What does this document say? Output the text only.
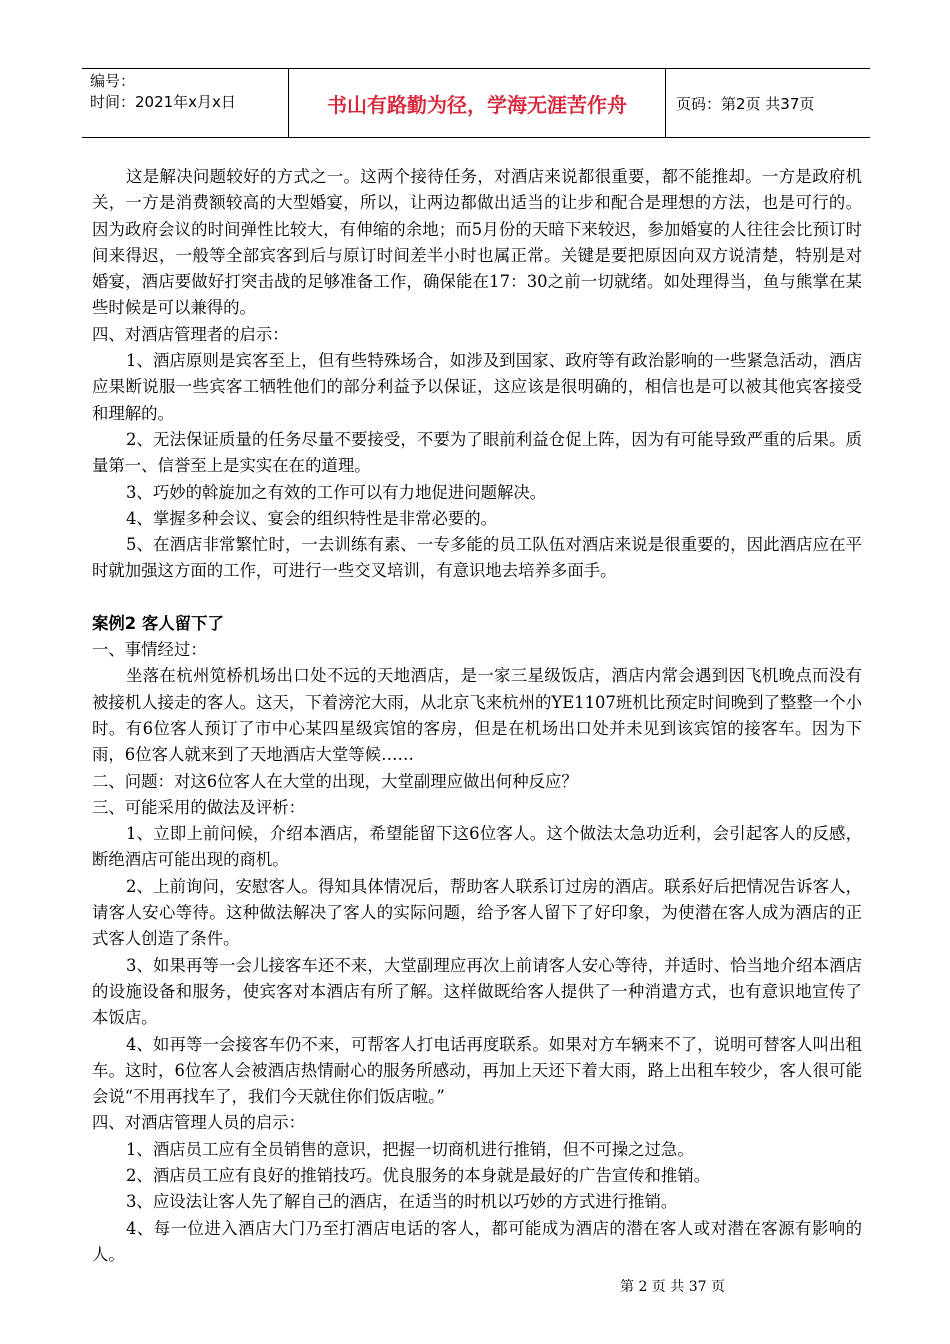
编号：
时间：2021年x月x日	书山有路勤为径，学海无涯苦作舟	页码：第2页 共37页

这是解决问题较好的方式之一。这两个接待任务，对酒店来说都很重要，都不能推却。一方是政府机关，一方是消费额较高的大型婚宴，所以，让两边都做出适当的让步和配合是理想的方法，也是可行的。因为政府会议的时间弹性比较大，有伸缩的余地；而5月份的天暗下来较迟，参加婚宴的人往往会比预订时间来得迟，一般等全部宾客到后与原订时间差半小时也属正常。关键是要把原因向双方说清楚，特别是对婚宴，酒店要做好打突击战的足够准备工作，确保能在17：30之前一切就绪。如处理得当，鱼与熊掌在某些时候是可以兼得的。

四、对酒店管理者的启示：

1、酒店原则是宾客至上，但有些特殊场合，如涉及到国家、政府等有政治影响的一些紧急活动，酒店应果断说服一些宾客工牺牲他们的部分利益予以保证，这应该是很明确的，相信也是可以被其他宾客接受和理解的。

2、无法保证质量的任务尽量不要接受，不要为了眼前利益仓促上阵，因为有可能导致严重的后果。质量第一、信誉至上是实实在在的道理。

3、巧妙的斡旋加之有效的工作可以有力地促进问题解决。

4、掌握多种会议、宴会的组织特性是非常必要的。

5、在酒店非常繁忙时，一去训练有素、一专多能的员工队伍对酒店来说是很重要的，因此酒店应在平时就加强这方面的工作，可进行一些交叉培训，有意识地去培养多面手。

案例2 客人留下了

一、事情经过：

坐落在杭州笕桥机场出口处不远的天地酒店，是一家三星级饭店，酒店内常会遇到因飞机晚点而没有被接机人接走的客人。这天，下着滂沱大雨，从北京飞来杭州的YE1107班机比预定时间晚到了整整一个小时。有6位客人预订了市中心某四星级宾馆的客房，但是在机场出口处并未见到该宾馆的接客车。因为下雨，6位客人就来到了天地酒店大堂等候……

二、问题：对这6位客人在大堂的出现，大堂副理应做出何种反应？

三、可能采用的做法及评析：

1、立即上前问候，介绍本酒店，希望能留下这6位客人。这个做法太急功近利，会引起客人的反感，断绝酒店可能出现的商机。

2、上前询问，安慰客人。得知具体情况后，帮助客人联系订过房的酒店。联系好后把情况告诉客人，请客人安心等待。这种做法解决了客人的实际问题，给予客人留下了好印象，为使潜在客人成为酒店的正式客人创造了条件。

3、如果再等一会儿接客车还不来，大堂副理应再次上前请客人安心等待，并适时、恰当地介绍本酒店的设施设备和服务，使宾客对本酒店有所了解。这样做既给客人提供了一种消遣方式，也有意识地宣传了本饭店。

4、如再等一会接客车仍不来，可帮客人打电话再度联系。如果对方车辆来不了，说明可替客人叫出租车。这时，6位客人会被酒店热情耐心的服务所感动，再加上天还下着大雨，路上出租车较少，客人很可能会说“不用再找车了，我们今天就住你们饭店啦。”

四、对酒店管理人员的启示：

1、酒店员工应有全员销售的意识，把握一切商机进行推销，但不可操之过急。

2、酒店员工应有良好的推销技巧。优良服务的本身就是最好的广告宣传和推销。

3、应设法让客人先了解自己的酒店，在适当的时机以巧妙的方式进行推销。

4、每一位进入酒店大门乃至打酒店电话的客人，都可能成为酒店的潜在客人或对潜在客源有影响的人。

第 2 页 共 37 页
